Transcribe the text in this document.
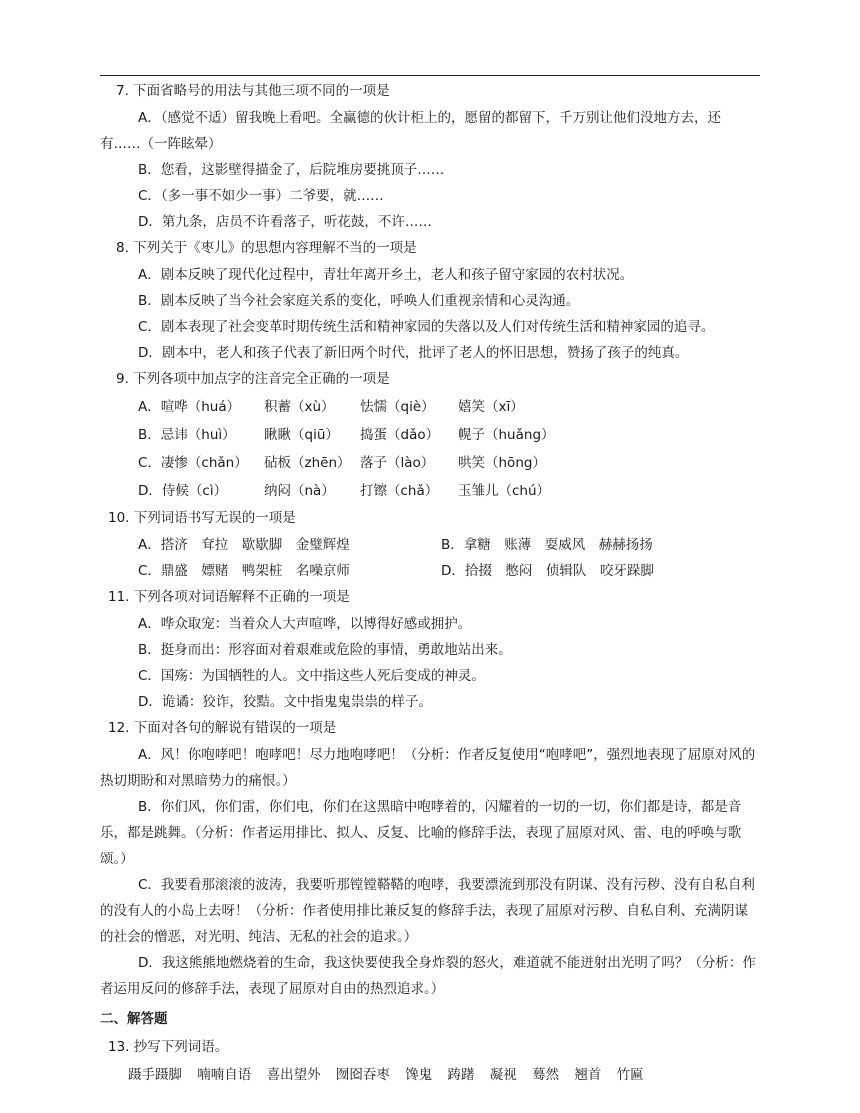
7. 下面省略号的用法与其他三项不同的一项是
A．（感觉不适）留我晚上看吧。全赢德的伙计柜上的，愿留的都留下，千万别让他们没地方去，还有……（一阵眩晕）
B．您看，这影壁得描金了，后院堆房要挑顶子……
C．（多一事不如少一事）二爷要，就……
D．第九条，店员不许看落子，听花鼓，不许……
8. 下列关于《枣儿》的思想内容理解不当的一项是
A．剧本反映了现代化过程中，青壮年离开乡土，老人和孩子留守家园的农村状况。
B．剧本反映了当今社会家庭关系的变化，呼唤人们重视亲情和心灵沟通。
C．剧本表现了社会变革时期传统生活和精神家园的失落以及人们对传统生活和精神家园的追寻。
D．剧本中，老人和孩子代表了新旧两个时代，批评了老人的怀旧思想，赞扬了孩子的纯真。
9. 下列各项中加点字的注音完全正确的一项是
A．喧哗（huá）	积蓄（xù）	怯懦（qiè）	嬉笑（xī）
B．忌讳（huì）	瞅瞅（qiū）	捣蛋（dǎo）	幌子（huǎng）
C．凄惨（chǎn）	砧板（zhēn） 落子（lào）	哄笑（hōng）
D．侍候（cì）	纳闷（nà）	打镲（chǎ）	玉雏儿（chú）
10. 下列词语书写无误的一项是
A．搭济　耷拉　歇歇脚　金璧辉煌	B．拿糖　账薄　耍威风　赫赫扬扬
C．鼎盛　嫖赌　鸭架桩　名噪京师	D．拾掇　憋闷　侦辑队　咬牙跺脚
11. 下列各项对词语解释不正确的一项是
A．哗众取宠：当着众人大声喧哗，以博得好感或拥护。
B．挺身而出：形容面对着艰难或危险的事情，勇敢地站出来。
C．国殇：为国牺牲的人。文中指这些人死后变成的神灵。
D．诡谲：狡诈，狡黠。文中指鬼鬼祟祟的样子。
12. 下面对各句的解说有错误的一项是
A．风！你咆哮吧！咆哮吧！尽力地咆哮吧！（分析：作者反复使用“咆哮吧”，强烈地表现了屈原对风的热切期盼和对黑暗势力的痛恨。）
B．你们风，你们雷，你们电，你们在这黑暗中咆哮着的，闪耀着的一切的一切，你们都是诗，都是音乐，都是跳舞。（分析：作者运用排比、拟人、反复、比喻的修辞手法，表现了屈原对风、雷、电的呼唤与歌颂。）
C．我要看那滚滚的波涛，我要听那镗镗鞳鞳的咆哮，我要漂流到那没有阴谋、没有污秽、没有自私自利的没有人的小岛上去呀！（分析：作者使用排比兼反复的修辞手法，表现了屈原对污秽、自私自利、充满阴谋的社会的憎恶，对光明、纯洁、无私的社会的追求。）
D．我这熊熊地燃烧着的生命，我这快要使我全身炸裂的怒火，难道就不能迸射出光明了吗？（分析：作者运用反问的修辞手法，表现了屈原对自由的热烈追求。）
二、解答题
13. 抄写下列词语。
蹑手蹑脚 喃喃自语 喜出望外 囫囵吞枣 馋鬼 踌躇 凝视 蓦然 翘首 竹匾
